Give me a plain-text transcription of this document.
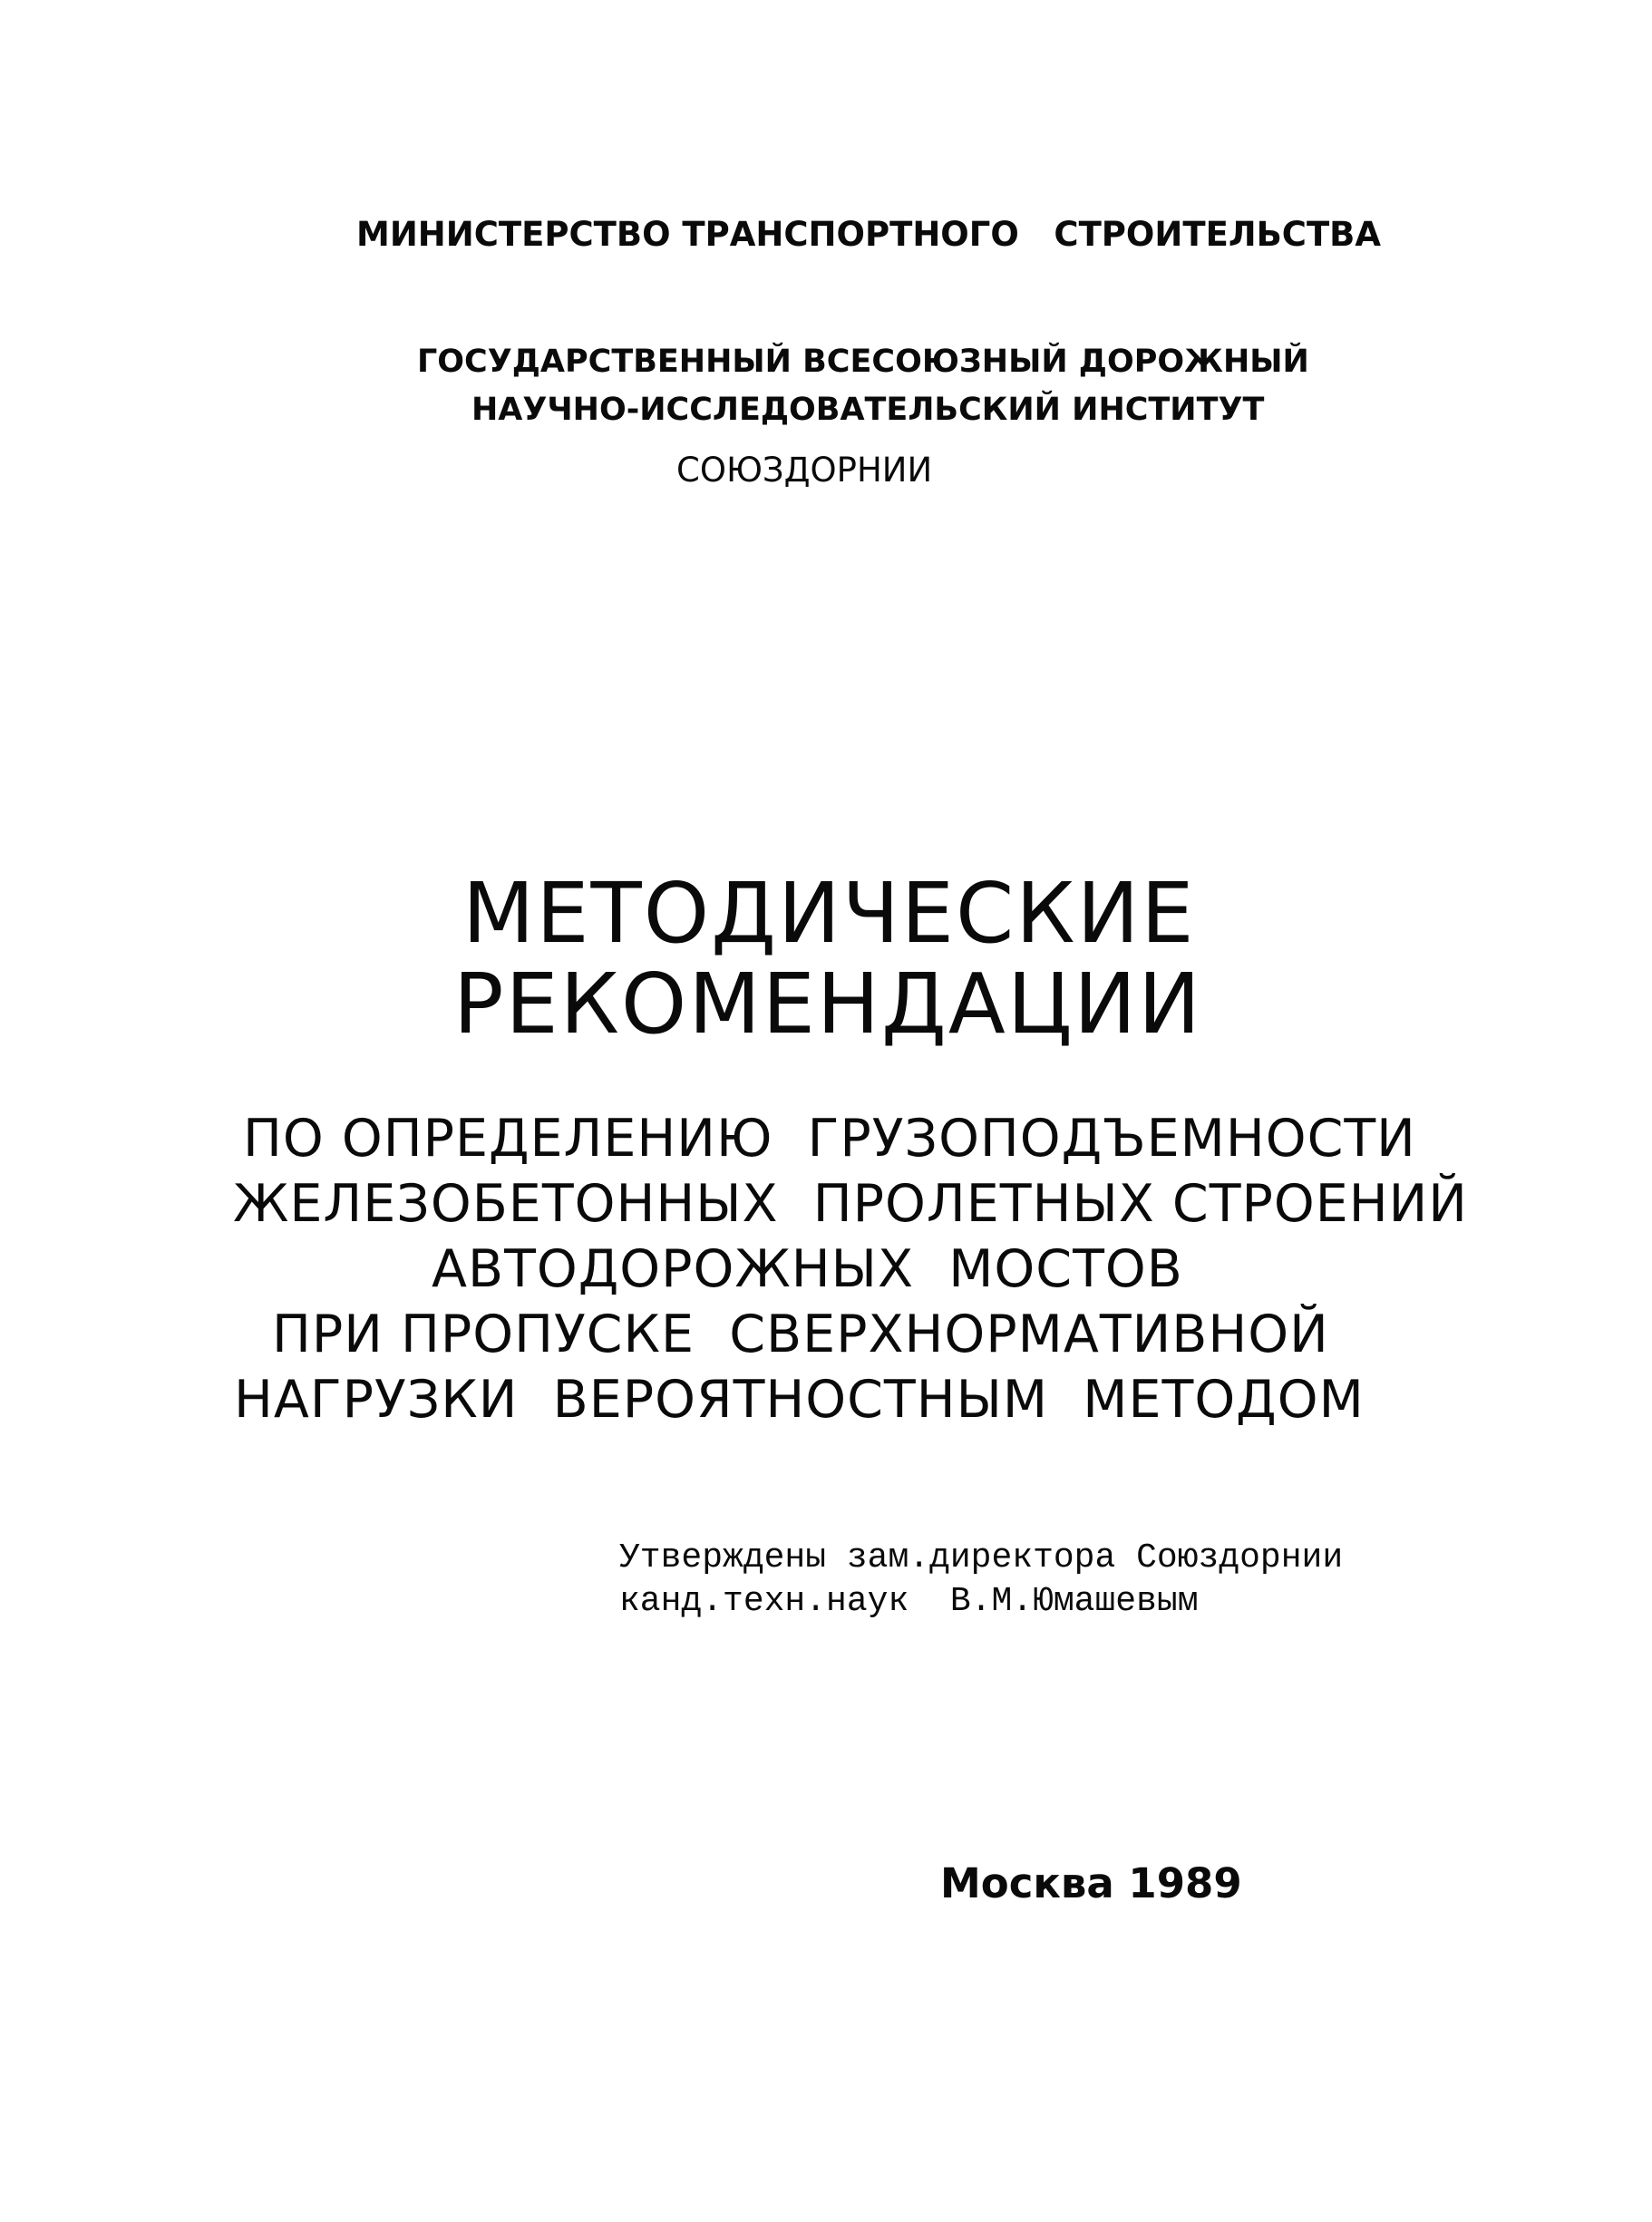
МИНИСТЕРСТВО ТРАНСПОРТНОГО   СТРОИТЕЛЬСТВА
ГОСУДАРСТВЕННЫЙ ВСЕСОЮЗНЫЙ ДОРОЖНЫЙ
НАУЧНО-ИССЛЕДОВАТЕЛЬСКИЙ ИНСТИТУТ
СОЮЗДОРНИИ
МЕТОДИЧЕСКИЕ
РЕКОМЕНДАЦИИ
ПО ОПРЕДЕЛЕНИЮ  ГРУЗОПОДЪЕМНОСТИ
ЖЕЛЕЗОБЕТОННЫХ  ПРОЛЕТНЫХ СТРОЕНИЙ
АВТОДОРОЖНЫХ  МОСТОВ
ПРИ ПРОПУСКЕ  СВЕРХНОРМАТИВНОЙ
НАГРУЗКИ  ВЕРОЯТНОСТНЫМ  МЕТОДОМ
Утверждены зам.директора Союздорнии
канд.техн.наук  В.М.Юмашевым
Москва 1989
